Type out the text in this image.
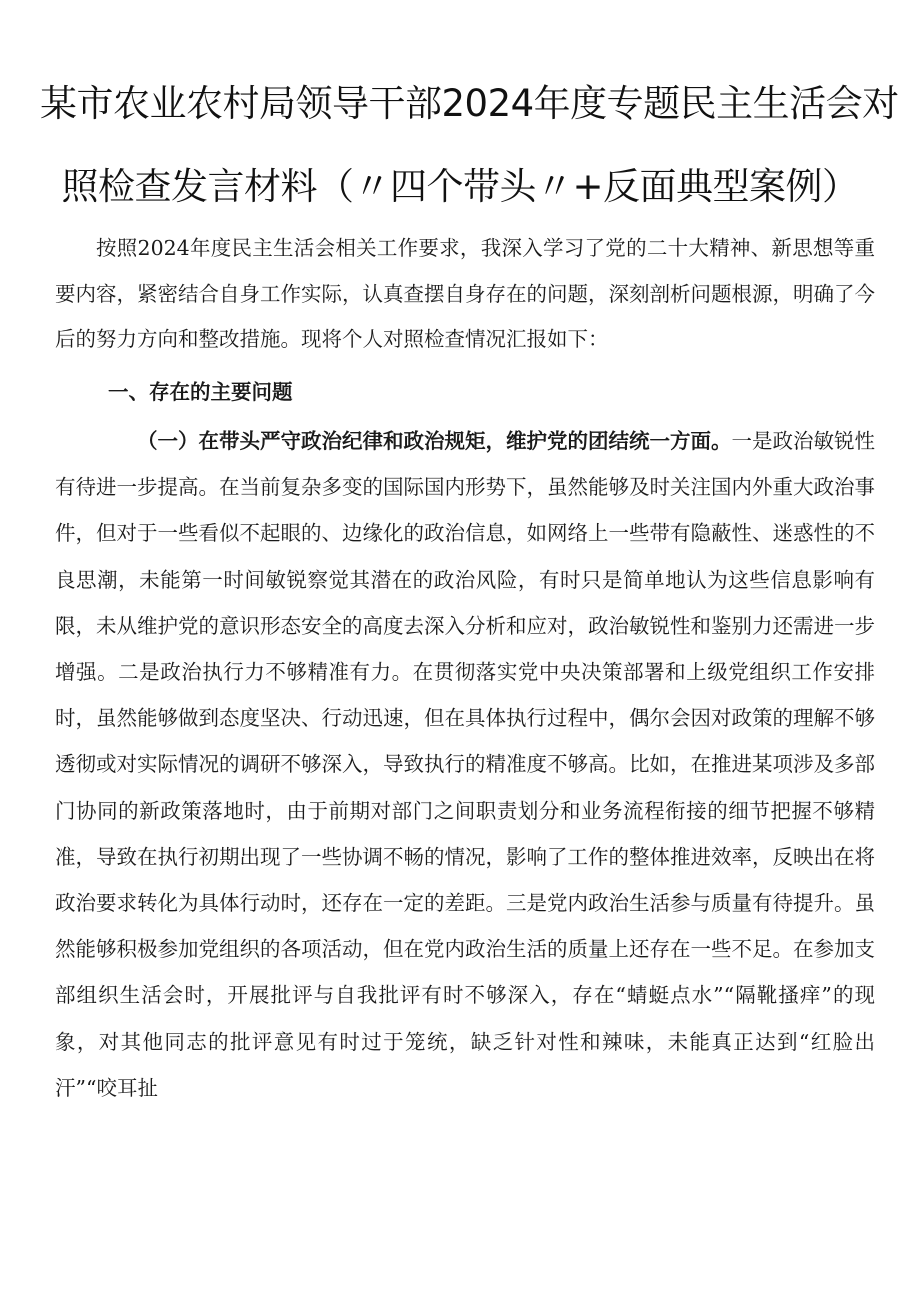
某市农业农村局领导干部2024年度专题民主生活会对
照检查发言材料（〃四个带头〃+反面典型案例）
按照2024年度民主生活会相关工作要求，我深入学习了党的二十大精神、新思想等重要内容，紧密结合自身工作实际，认真查摆自身存在的问题，深刻剖析问题根源，明确了今后的努力方向和整改措施。现将个人对照检查情况汇报如下：
一、存在的主要问题
（一）在带头严守政治纪律和政治规矩，维护党的团结统一方面。一是政治敏锐性有待进一步提高。在当前复杂多变的国际国内形势下，虽然能够及时关注国内外重大政治事件，但对于一些看似不起眼的、边缘化的政治信息，如网络上一些带有隐蔽性、迷惑性的不良思潮，未能第一时间敏锐察觉其潜在的政治风险，有时只是简单地认为这些信息影响有限，未从维护党的意识形态安全的高度去深入分析和应对，政治敏锐性和鉴别力还需进一步增强。二是政治执行力不够精准有力。在贯彻落实党中央决策部署和上级党组织工作安排时，虽然能够做到态度坚决、行动迅速，但在具体执行过程中，偶尔会因对政策的理解不够透彻或对实际情况的调研不够深入，导致执行的精准度不够高。比如，在推进某项涉及多部门协同的新政策落地时，由于前期对部门之间职责划分和业务流程衔接的细节把握不够精准，导致在执行初期出现了一些协调不畅的情况，影响了工作的整体推进效率，反映出在将政治要求转化为具体行动时，还存在一定的差距。三是党内政治生活参与质量有待提升。虽然能够积极参加党组织的各项活动，但在党内政治生活的质量上还存在一些不足。在参加支部组织生活会时，开展批评与自我批评有时不够深入，存在“蜻蜓点水”“隔靴搔痒”的现象，对其他同志的批评意见有时过于笼统，缺乏针对性和辣味，未能真正达到“红脸出汗”“咬耳扯
